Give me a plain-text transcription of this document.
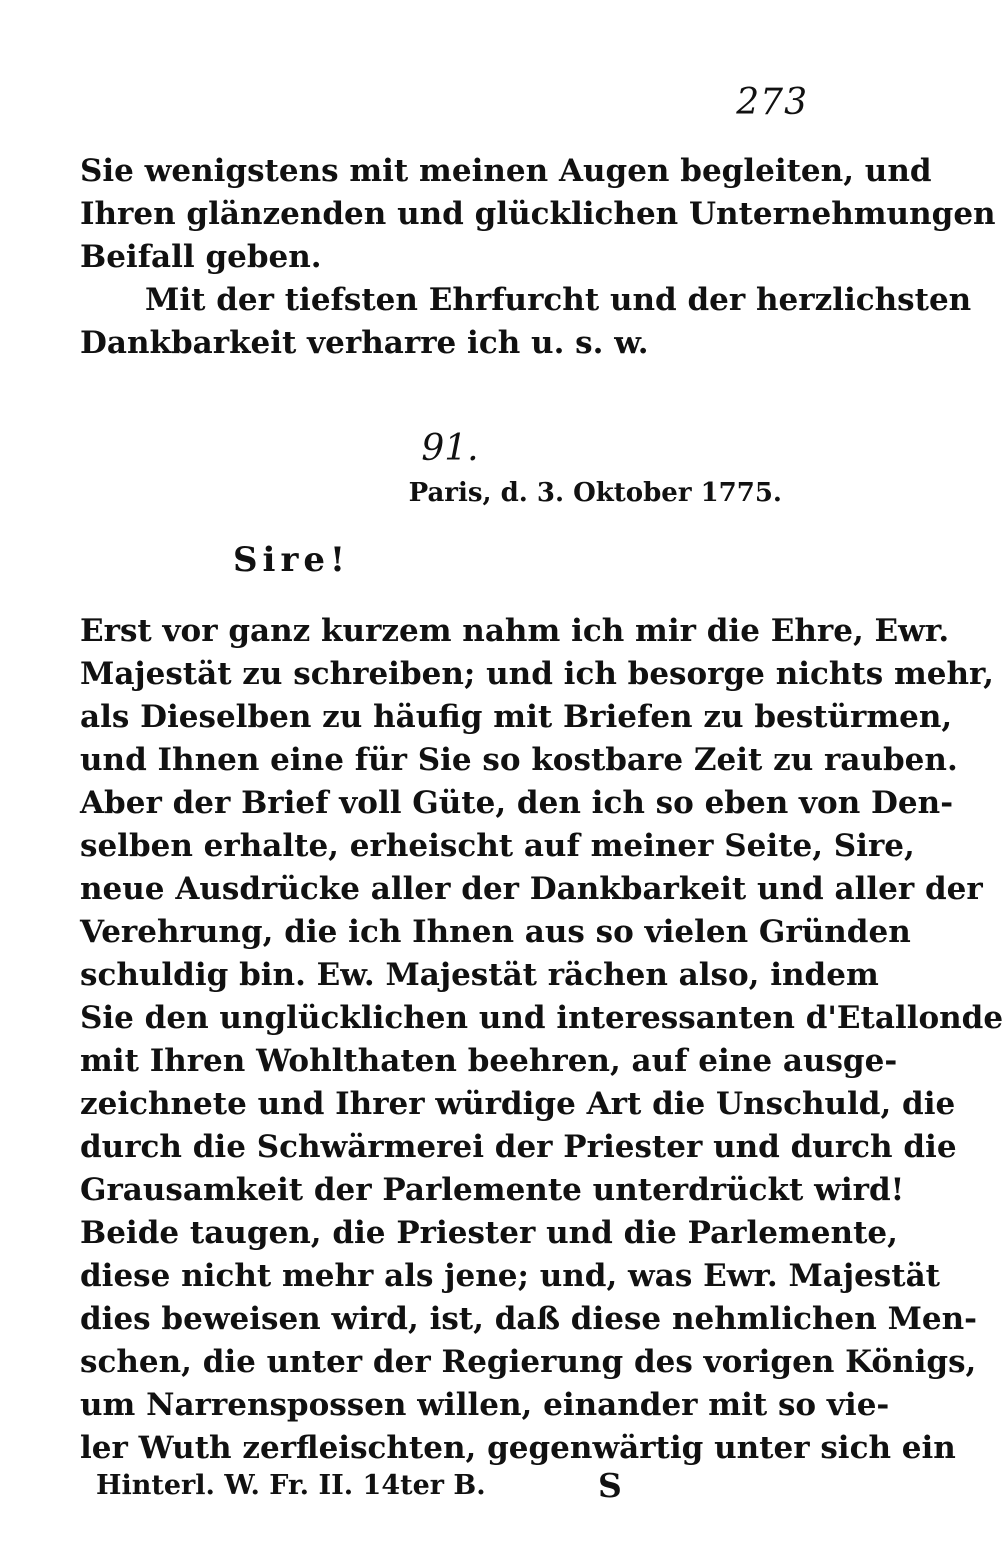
273
Sie wenigstens mit meinen Augen begleiten, und
Ihren glänzenden und glücklichen Unternehmungen
Beifall geben.
Mit der tiefsten Ehrfurcht und der herzlichsten
Dankbarkeit verharre ich u. s. w.
91.
Paris, d. 3. Oktober 1775.
Sire!
Erst vor ganz kurzem nahm ich mir die Ehre, Ewr.
Majestät zu schreiben; und ich besorge nichts mehr,
als Dieselben zu häufig mit Briefen zu bestürmen,
und Ihnen eine für Sie so kostbare Zeit zu rauben.
Aber der Brief voll Güte, den ich so eben von Den-
selben erhalte, erheischt auf meiner Seite, Sire,
neue Ausdrücke aller der Dankbarkeit und aller der
Verehrung, die ich Ihnen aus so vielen Gründen
schuldig bin. Ew. Majestät rächen also, indem
Sie den unglücklichen und interessanten d'Etallonde
mit Ihren Wohlthaten beehren, auf eine ausge-
zeichnete und Ihrer würdige Art die Unschuld, die
durch die Schwärmerei der Priester und durch die
Grausamkeit der Parlemente unterdrückt wird!
Beide taugen, die Priester und die Parlemente,
diese nicht mehr als jene; und, was Ewr. Majestät
dies beweisen wird, ist, daß diese nehmlichen Men-
schen, die unter der Regierung des vorigen Königs,
um Narrenspossen willen, einander mit so vie-
ler Wuth zerfleischten, gegenwärtig unter sich ein
Hinterl. W. Fr. II. 14ter B.	S
